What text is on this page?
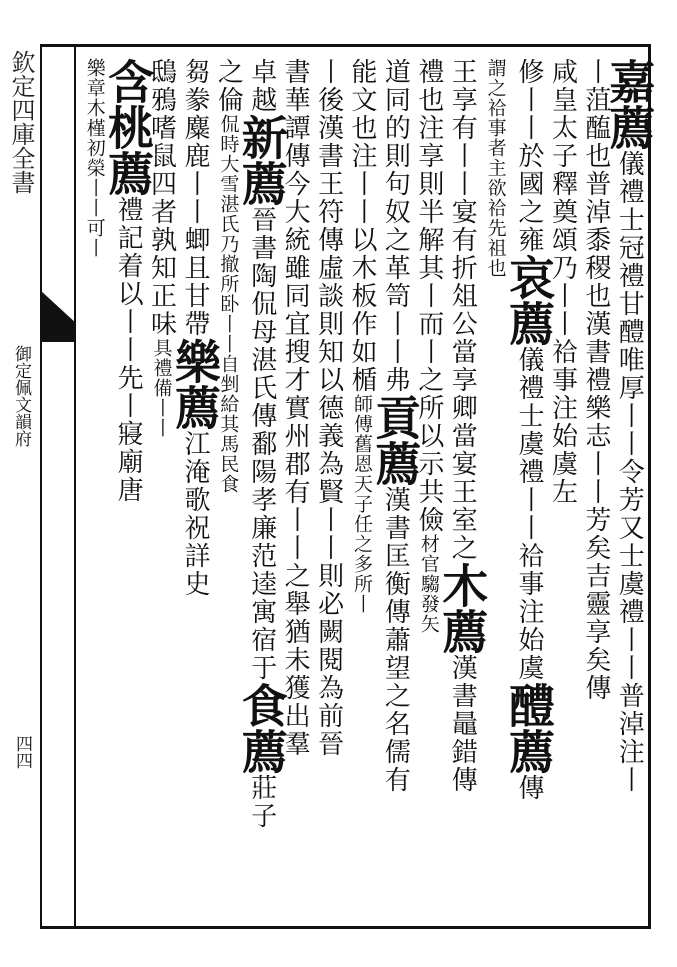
欽定四庫全書
御定佩文韻府
四四
嘉薦儀禮士冠禮甘醴唯厚丨丨令芳又士虞禮丨丨普淖注丨
丨菹醢也普淖黍稷也漢書禮樂志丨丨芳矣吉靈享矣傳
咸皇太子釋奠頌乃丨丨祫事注始虞左
修丨丨於國之雍哀薦儀禮士虞禮丨丨祫事注始虞醴薦傳
謂之祫事者主欲祫先祖也
王享有丨丨宴有折俎公當享卿當宴王室之木薦漢書鼂錯傳
禮也注享則半解其丨而丨之所以示共儉材官騶發矢
道同的則句奴之革笥丨丨弗貢薦漢書匡衡傳蕭望之名儒有
能文也注丨丨以木板作如楯師傅舊恩天子任之多所丨
丨後漢書王符傳虛談則知以德義為賢丨丨則必闕閱為前晉
書華譚傳今大統雖同宜搜才實州郡有丨丨之舉猶未獲出羣
卓越新薦晉書陶侃母湛氏傳鄱陽孝廉范逵寓宿于食薦莊子
之倫侃時大雪湛氏乃撤所卧丨丨自剉給其馬民食
芻豢麋鹿丨丨蝍且甘帶樂薦江淹歌祝詳史
鴟鴉嗜鼠四者孰知正味具禮備丨丨
含桃薦禮記着以丨丨先丨寢廟唐
樂章木槿初榮丨丨可丨
